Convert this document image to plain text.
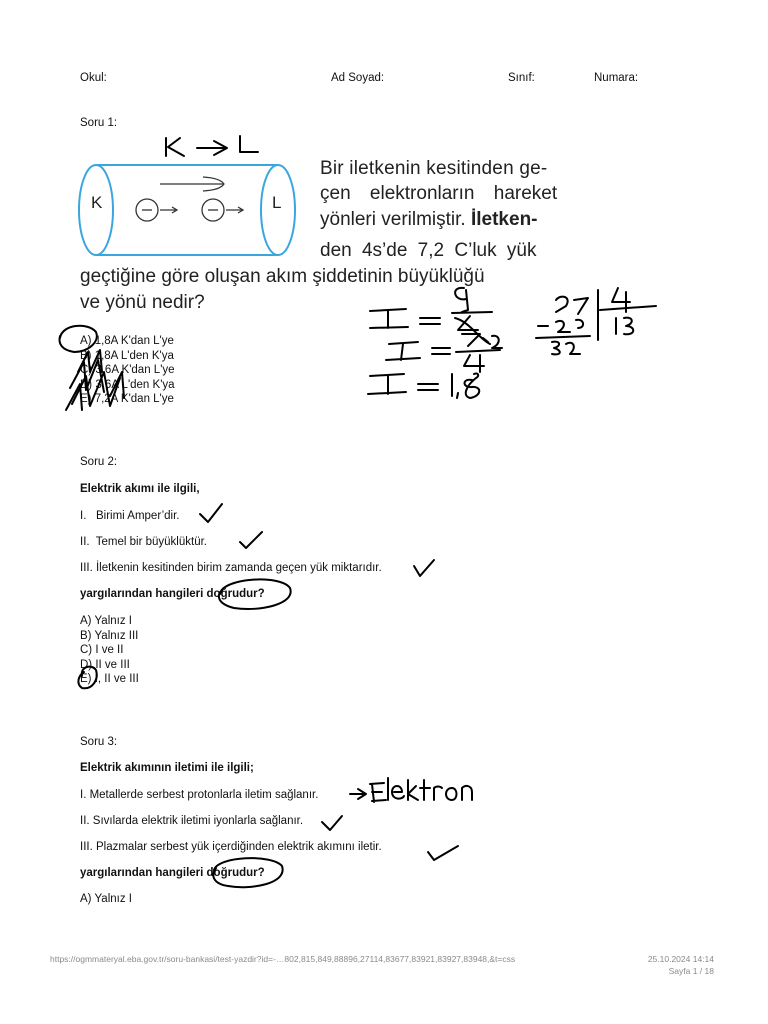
Okul:	Ad Soyad:	Sınıf:	Numara:
Soru 1:
K	L
Bir iletkenin kesitinden ge-
çen elektronların hareket
yönleri verilmiştir. İletken-
den 4s’de 7,2 C’luk yük
geçtiğine göre oluşan akım şiddetinin büyüklüğü
ve yönü nedir?
A) 1,8A K'dan L'ye
B) 1,8A L'den K'ya
C) 3,6A K'dan L'ye
D) 3,6A L'den K'ya
E) 7,2A K'dan L'ye
Soru 2:
Elektrik akımı ile ilgili,
I.   Birimi Amper’dir.
II.  Temel bir büyüklüktür.
III. İletkenin kesitinden birim zamanda geçen yük miktarıdır.
yargılarından hangileri doğrudur?
A) Yalnız I
B) Yalnız III
C) I ve II
D) II ve III
E) I, II ve III
Soru 3:
Elektrik akımının iletimi ile ilgili;
I. Metallerde serbest protonlarla iletim sağlanır.
II. Sıvılarda elektrik iletimi iyonlarla sağlanır.
III. Plazmalar serbest yük içerdiğinden elektrik akımını iletir.
yargılarından hangileri doğrudur?
A) Yalnız I
https://ogmmateryal.eba.gov.tr/soru-bankasi/test-yazdir?id=-…802,815,849,88896,27114,83677,83921,83927,83948,&t=css	25.10.2024 14:14
Sayfa 1 / 18
